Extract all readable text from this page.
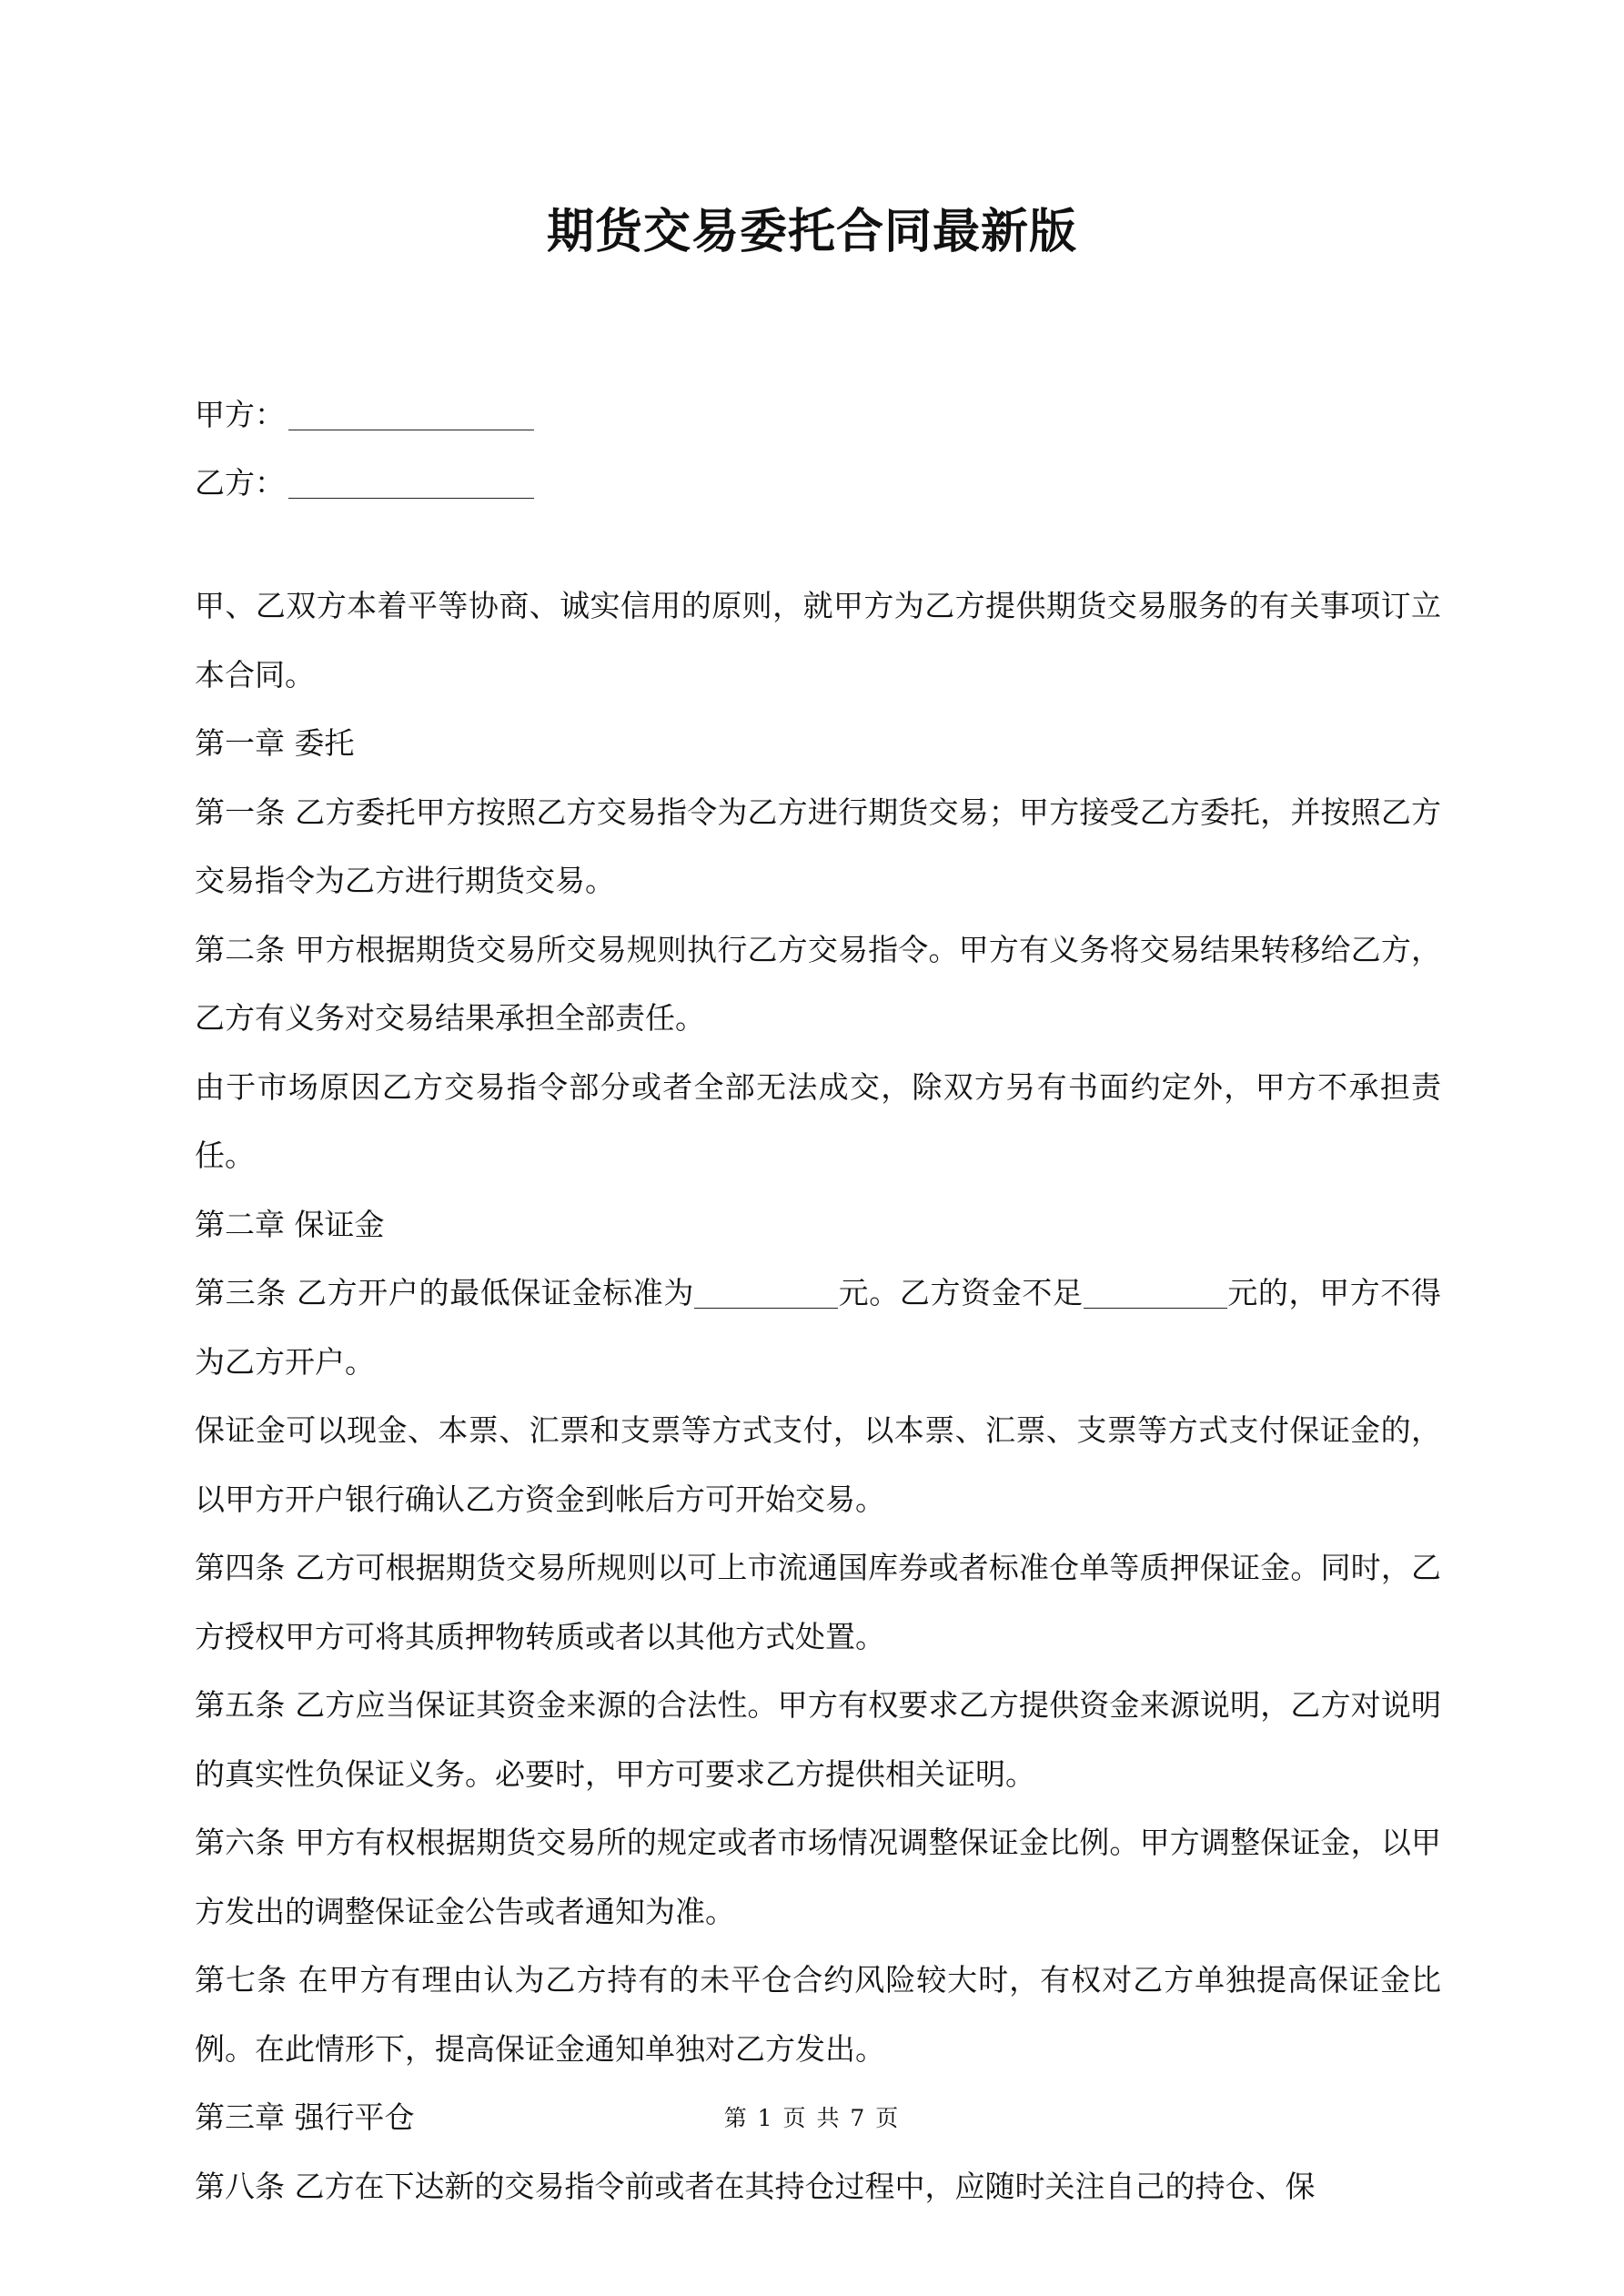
期货交易委托合同最新版
甲方：
乙方：

甲、乙双方本着平等协商、诚实信用的原则，就甲方为乙方提供期货交易服务的有关事项订立本合同。

第一章 委托

第一条 乙方委托甲方按照乙方交易指令为乙方进行期货交易；甲方接受乙方委托，并按照乙方交易指令为乙方进行期货交易。

第二条 甲方根据期货交易所交易规则执行乙方交易指令。甲方有义务将交易结果转移给乙方，乙方有义务对交易结果承担全部责任。

由于市场原因乙方交易指令部分或者全部无法成交，除双方另有书面约定外，甲方不承担责任。

第二章 保证金

第三条 乙方开户的最低保证金标准为	元。乙方资金不足	元的，甲方不得为乙方开户。

保证金可以现金、本票、汇票和支票等方式支付，以本票、汇票、支票等方式支付保证金的，以甲方开户银行确认乙方资金到帐后方可开始交易。

第四条 乙方可根据期货交易所规则以可上市流通国库券或者标准仓单等质押保证金。同时，乙方授权甲方可将其质押物转质或者以其他方式处置。

第五条 乙方应当保证其资金来源的合法性。甲方有权要求乙方提供资金来源说明，乙方对说明的真实性负保证义务。必要时，甲方可要求乙方提供相关证明。

第六条 甲方有权根据期货交易所的规定或者市场情况调整保证金比例。甲方调整保证金，以甲方发出的调整保证金公告或者通知为准。

第七条 在甲方有理由认为乙方持有的未平仓合约风险较大时，有权对乙方单独提高保证金比例。在此情形下，提高保证金通知单独对乙方发出。

第三章 强行平仓

第八条 乙方在下达新的交易指令前或者在其持仓过程中，应随时关注自己的持仓、保

第 1 页 共 7 页
